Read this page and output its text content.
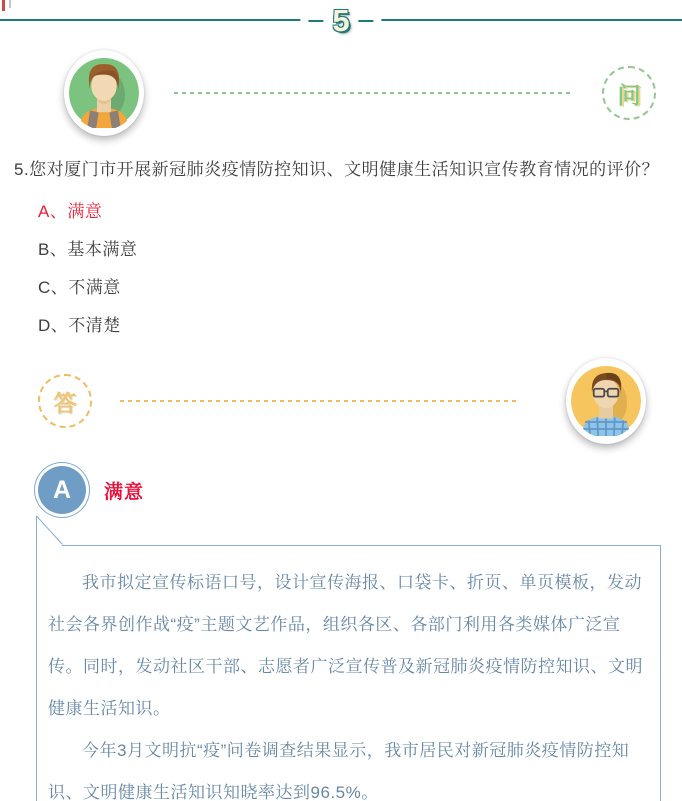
5
问
5.您对厦门市开展新冠肺炎疫情防控知识、文明健康生活知识宣传教育情况的评价？
A、满意
B、基本满意
C、不满意
D、不清楚
答
A	满意

我市拟定宣传标语口号，设计宣传海报、口袋卡、折页、单页模板，发动社会各界创作战“疫”主题文艺作品，组织各区、各部门利用各类媒体广泛宣传。同时，发动社区干部、志愿者广泛宣传普及新冠肺炎疫情防控知识、文明健康生活知识。

今年3月文明抗“疫”问卷调查结果显示，我市居民对新冠肺炎疫情防控知识、文明健康生活知识知晓率达到96.5%。
